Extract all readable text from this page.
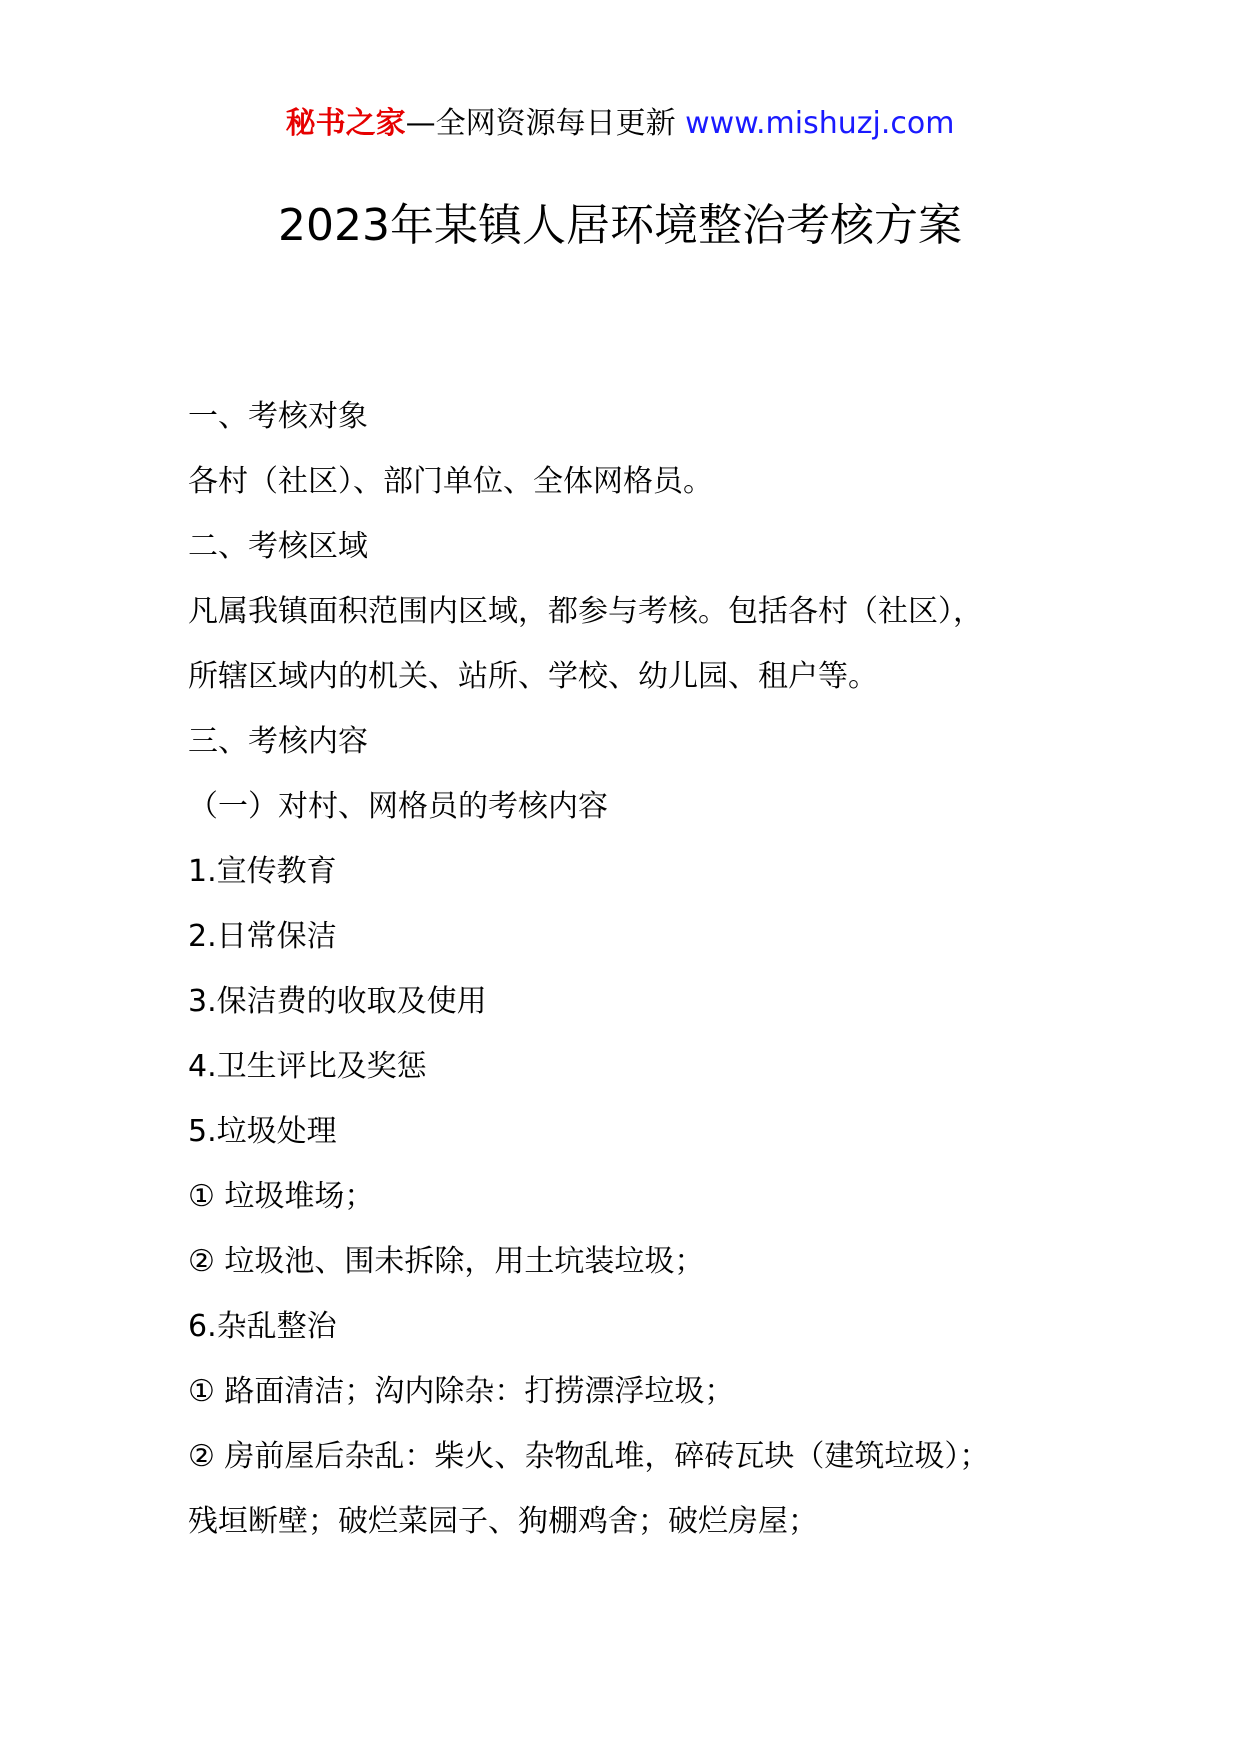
秘书之家—全网资源每日更新 www.mishuzj.com
2023年某镇人居环境整治考核方案

一、考核对象

各村（社区）、部门单位、全体网格员。

二、考核区域

凡属我镇面积范围内区域，都参与考核。包括各村（社区），

所辖区域内的机关、站所、学校、幼儿园、租户等。

三、考核内容

（一）对村、网格员的考核内容

1.宣传教育

2.日常保洁

3.保洁费的收取及使用

4.卫生评比及奖惩

5.垃圾处理

① 垃圾堆场；

② 垃圾池、围未拆除，用土坑装垃圾；

6.杂乱整治

① 路面清洁；沟内除杂：打捞漂浮垃圾；

② 房前屋后杂乱：柴火、杂物乱堆，碎砖瓦块（建筑垃圾）；

残垣断壁；破烂菜园子、狗棚鸡舍；破烂房屋；
